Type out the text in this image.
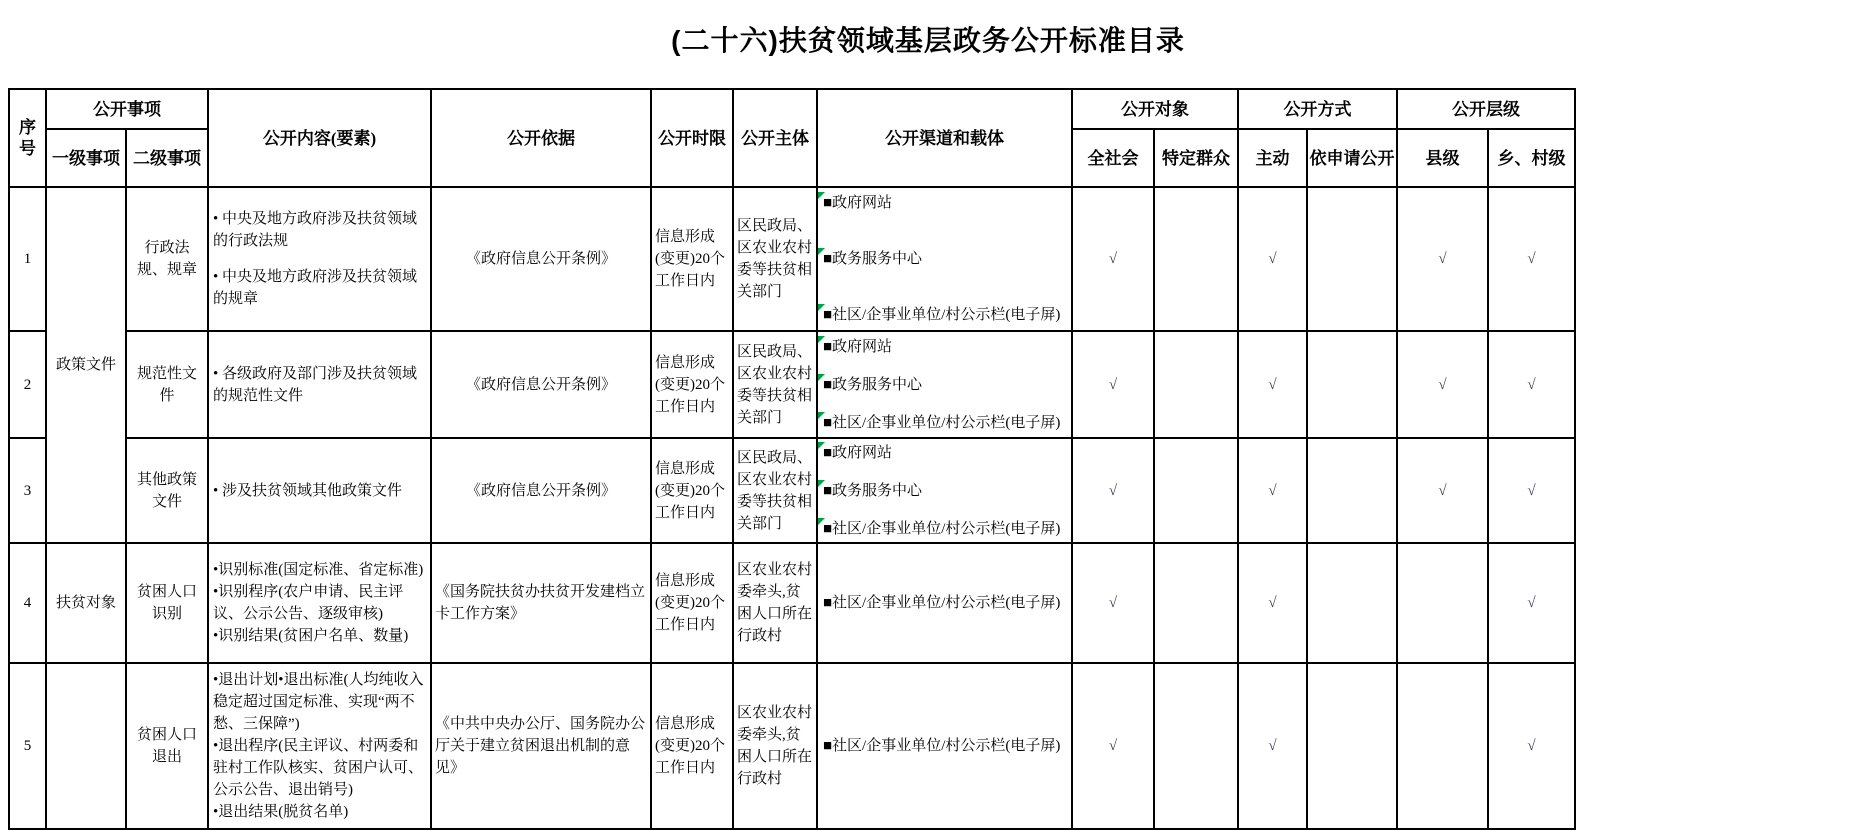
(二十六)扶贫领域基层政务公开标准目录
序号	公开事项		公开内容(要素)	公开依据	公开时限	公开主体	公开渠道和载体	公开对象		公开方式		公开层级	
	一级事项	二级事项						全社会	特定群众	主动	依申请公开	县级	乡、村级
1	政策文件	行政法规、规章	
• 中央及地方政府涉及扶贫领域的行政法规
• 中央及地方政府涉及扶贫领域的规章
	《政府信息公开条例》	信息形成(变更)20个工作日内	区民政局、区农业农村委等扶贫相关部门	
■政府网站
■政务服务中心
■社区/企事业单位/村公示栏(电子屏)
	√		√		√	√
2		规范性文件	• 各级政府及部门涉及扶贫领域的规范性文件	《政府信息公开条例》	信息形成(变更)20个工作日内	区民政局、区农业农村委等扶贫相关部门	■政府网站
■政务服务中心
■社区/企事业单位/村公示栏(电子屏)	√		√		√	√
3		其他政策文件	• 涉及扶贫领域其他政策文件	《政府信息公开条例》	信息形成(变更)20个工作日内	区民政局、区农业农村委等扶贫相关部门	■政府网站
■政务服务中心
■社区/企事业单位/村公示栏(电子屏)	√		√		√	√
4	扶贫对象	贫困人口识别	•识别标准(国定标准、省定标准)
•识别程序(农户申请、民主评议、公示公告、逐级审核)
•识别结果(贫困户名单、数量)	《国务院扶贫办扶贫开发建档立卡工作方案》	信息形成(变更)20个工作日内	区农业农村委牵头,贫困人口所在行政村	■社区/企事业单位/村公示栏(电子屏)	√		√			√
5		贫困人口退出	•退出计划•退出标准(人均纯收入稳定超过国定标准、实现“两不愁、三保障”)
•退出程序(民主评议、村两委和驻村工作队核实、贫困户认可、公示公告、退出销号)
•退出结果(脱贫名单)	《中共中央办公厅、国务院办公厅关于建立贫困退出机制的意见》	信息形成(变更)20个工作日内	区农业农村委牵头,贫困人口所在行政村	■社区/企事业单位/村公示栏(电子屏)	√		√			√
